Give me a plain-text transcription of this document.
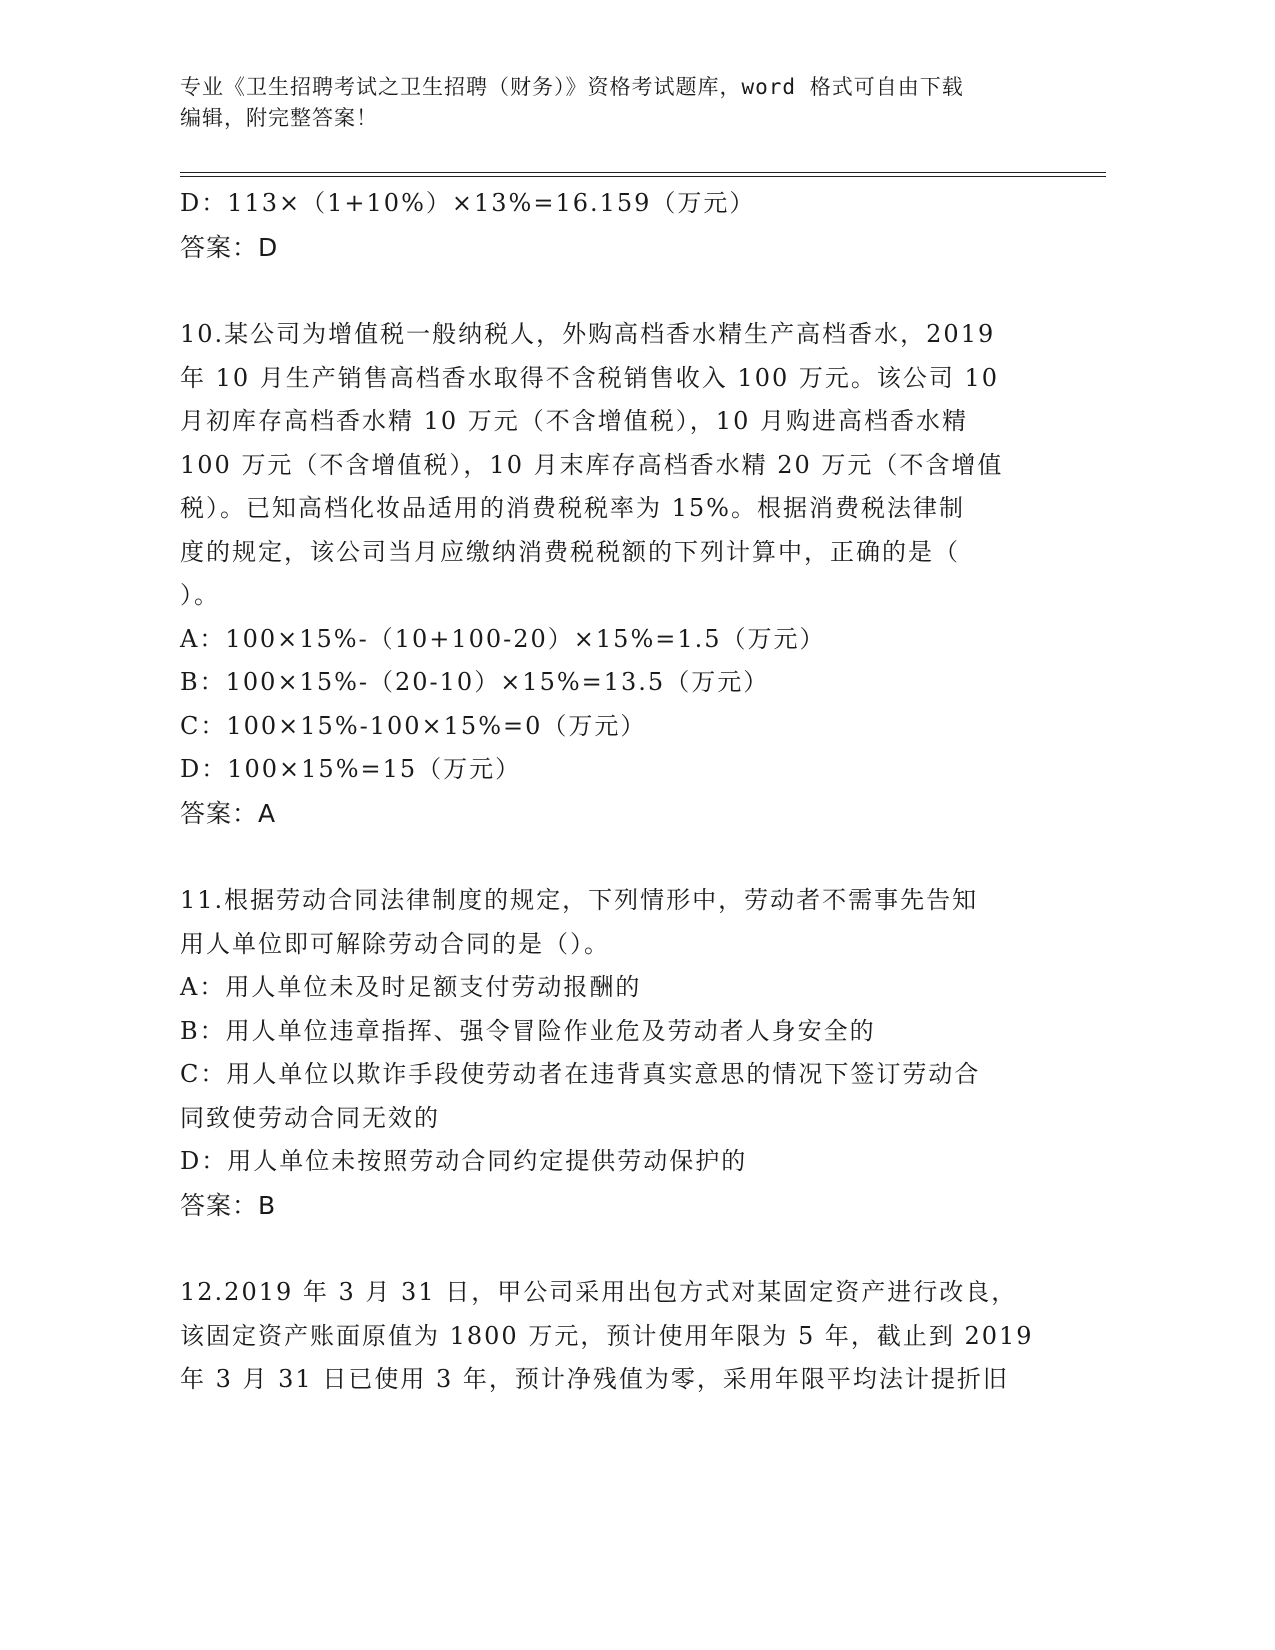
专业《卫生招聘考试之卫生招聘（财务）》资格考试题库，word 格式可自由下载
编辑，附完整答案！
D：113×（1+10%）×13%=16.159（万元）
答案：D
10.某公司为增值税一般纳税人，外购高档香水精生产高档香水，2019
年 10 月生产销售高档香水取得不含税销售收入 100 万元。该公司 10
月初库存高档香水精 10 万元（不含增值税），10 月购进高档香水精
100 万元（不含增值税），10 月末库存高档香水精 20 万元（不含增值
税）。已知高档化妆品适用的消费税税率为 15%。根据消费税法律制
度的规定，该公司当月应缴纳消费税税额的下列计算中，正确的是（
）。
A：100×15%-（10+100-20）×15%=1.5（万元）
B：100×15%-（20-10）×15%=13.5（万元）
C：100×15%-100×15%=0（万元）
D：100×15%=15（万元）
答案：A
11.根据劳动合同法律制度的规定，下列情形中，劳动者不需事先告知
用人单位即可解除劳动合同的是（）。
A：用人单位未及时足额支付劳动报酬的
B：用人单位违章指挥、强令冒险作业危及劳动者人身安全的
C：用人单位以欺诈手段使劳动者在违背真实意思的情况下签订劳动合
同致使劳动合同无效的
D：用人单位未按照劳动合同约定提供劳动保护的
答案：B
12.2019 年 3 月 31 日，甲公司采用出包方式对某固定资产进行改良，
该固定资产账面原值为 1800 万元，预计使用年限为 5 年，截止到 2019
年 3 月 31 日已使用 3 年，预计净残值为零，采用年限平均法计提折旧
